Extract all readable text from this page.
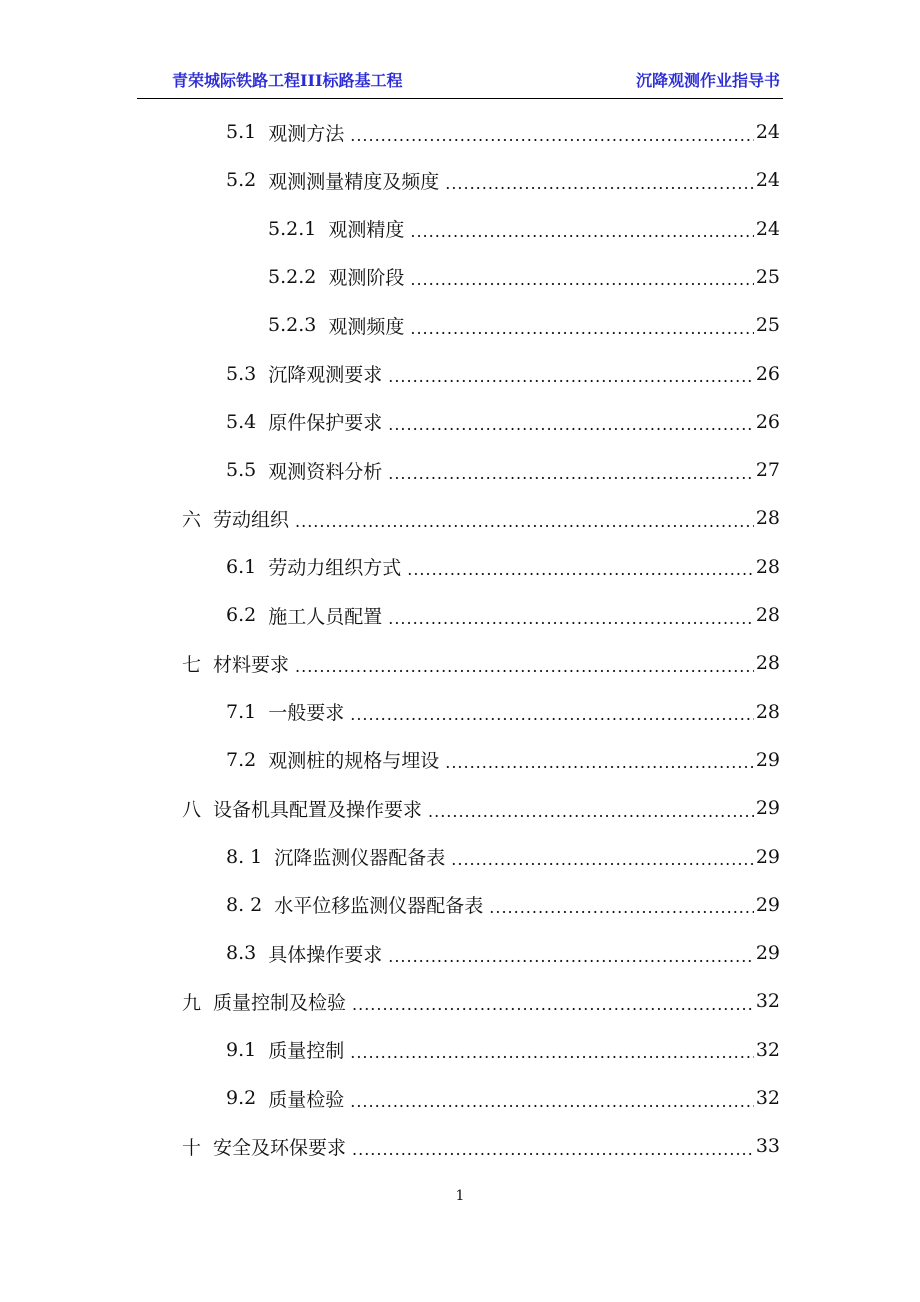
青荣城际铁路工程III标路基工程	沉降观测作业指导书
5.1 观测方法 .....	24
5.2 观测测量精度及频度 .....	24
5.2.1 观测精度 .....	24
5.2.2 观测阶段 .....	25
5.2.3 观测频度 .....	25
5.3 沉降观测要求 .....	26
5.4 原件保护要求 .....	26
5.5 观测资料分析 .....	27
六 劳动组织 .....	28
6.1 劳动力组织方式 .....	28
6.2 施工人员配置 .....	28
七 材料要求 .....	28
7.1 一般要求 .....	28
7.2 观测桩的规格与埋设 .....	29
八 设备机具配置及操作要求 .....	29
8. 1 沉降监测仪器配备表 .....	29
8. 2 水平位移监测仪器配备表 .....	29
8.3 具体操作要求 .....	29
九 质量控制及检验 .....	32
9.1 质量控制 .....	32
9.2 质量检验 .....	32
十 安全及环保要求 .....	33
1
